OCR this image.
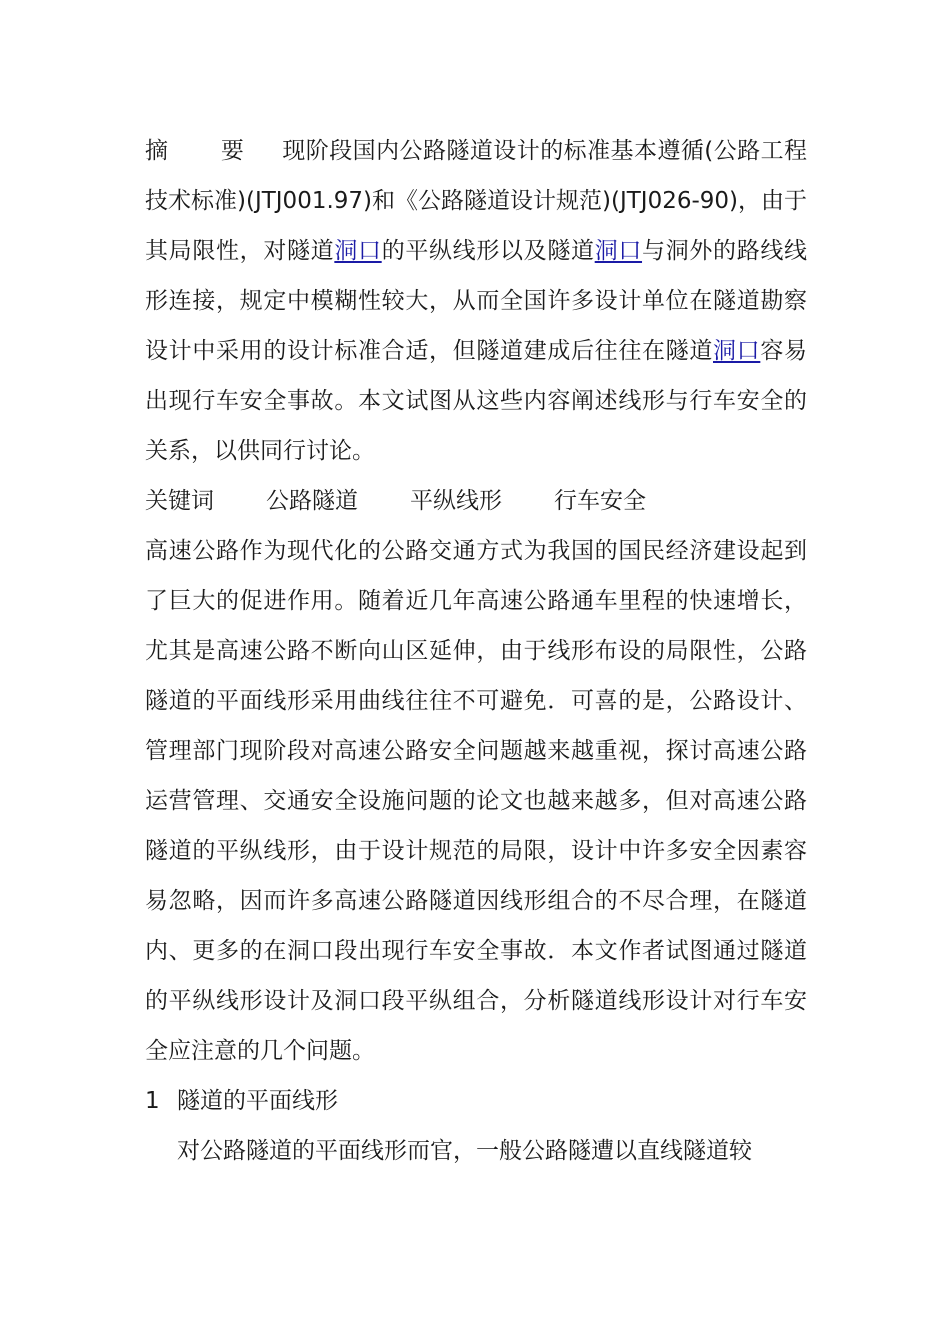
摘 要 现阶段国内公路隧道设计的标准基本遵循(公路工程技术标准)(JTJ001.97)和《公路隧道设计规范)(JTJ026-90)，由于其局限性，对隧道洞口的平纵线形以及隧道洞口与洞外的路线线形连接，规定中模糊性较大，从而全国许多设计单位在隧道勘察设计中采用的设计标准合适，但隧道建成后往往在隧道洞口容易出现行车安全事故。本文试图从这些内容阐述线形与行车安全的关系，以供同行讨论。

关键词 公路隧道 平纵线形 行车安全

高速公路作为现代化的公路交通方式为我国的国民经济建设起到了巨大的促进作用。随着近几年高速公路通车里程的快速增长，尤其是高速公路不断向山区延伸，由于线形布设的局限性，公路隧道的平面线形采用曲线往往不可避免．可喜的是，公路设计、管理部门现阶段对高速公路安全问题越来越重视，探讨高速公路运营管理、交通安全设施问题的论文也越来越多，但对高速公路隧道的平纵线形，由于设计规范的局限，设计中许多安全因素容易忽略，因而许多高速公路隧道因线形组合的不尽合理，在隧道内、更多的在洞口段出现行车安全事故．本文作者试图通过隧道的平纵线形设计及洞口段平纵组合，分析隧道线形设计对行车安全应注意的几个问题。

1 隧道的平面线形

对公路隧道的平面线形而官，一般公路隧遭以直线隧道较
